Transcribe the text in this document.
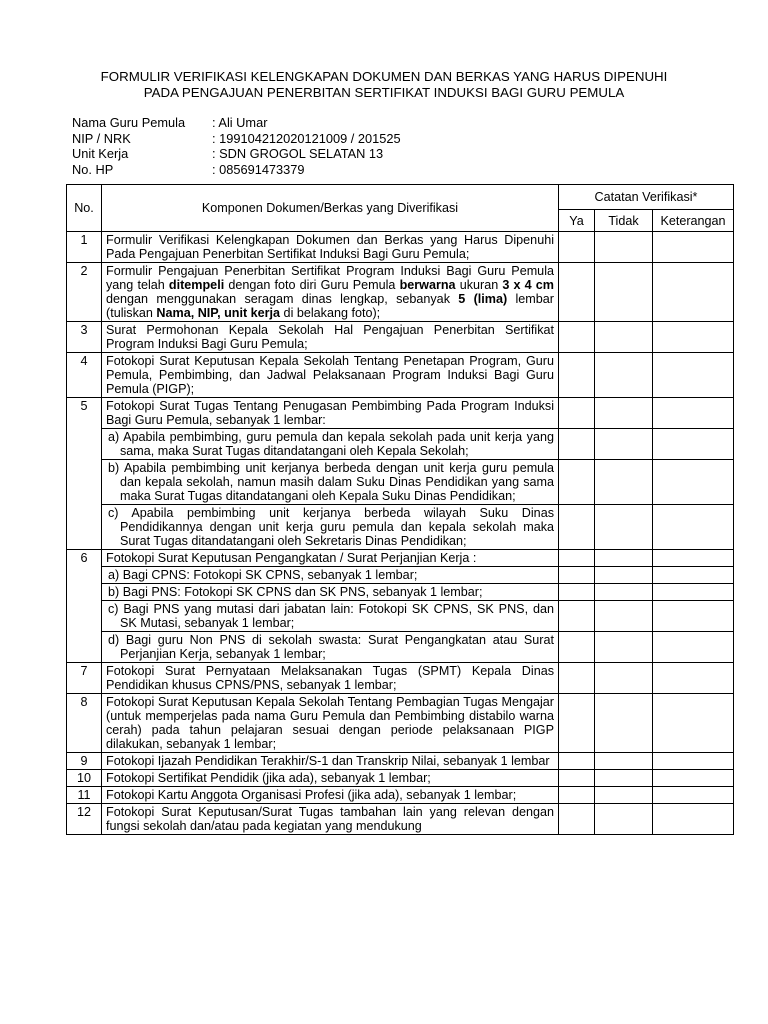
FORMULIR VERIFIKASI KELENGKAPAN DOKUMEN DAN BERKAS YANG HARUS DIPENUHI
PADA PENGAJUAN PENERBITAN SERTIFIKAT INDUKSI BAGI GURU PEMULA
Nama Guru Pemula	: Ali Umar
NIP / NRK	: 199104212020121009 / 201525
Unit Kerja	: SDN GROGOL SELATAN 13
No. HP	: 085691473379
No.	Komponen Dokumen/Berkas yang Diverifikasi	Catatan Verifikasi*		
		Ya	Tidak	Keterangan
1	Formulir Verifikasi Kelengkapan Dokumen dan Berkas yang Harus Dipenuhi Pada Pengajuan Penerbitan Sertifikat Induksi Bagi Guru Pemula;			
2	Formulir Pengajuan Penerbitan Sertifikat Program Induksi Bagi Guru Pemula yang telah ditempeli dengan foto diri Guru Pemula berwarna ukuran 3 x 4 cm dengan menggunakan seragam dinas lengkap, sebanyak 5 (lima) lembar (tuliskan Nama, NIP, unit kerja di belakang foto);			
3	Surat Permohonan Kepala Sekolah Hal Pengajuan Penerbitan Sertifikat Program Induksi Bagi Guru Pemula;			
4	Fotokopi Surat Keputusan Kepala Sekolah Tentang Penetapan Program, Guru Pemula, Pembimbing, dan Jadwal Pelaksanaan Program Induksi Bagi Guru Pemula (PIGP);			
5	Fotokopi Surat Tugas Tentang Penugasan Pembimbing Pada Program Induksi Bagi Guru Pemula, sebanyak 1 lembar:			
	a) Apabila pembimbing, guru pemula dan kepala sekolah pada unit kerja yang sama, maka Surat Tugas ditandatangani oleh Kepala Sekolah;			
	b) Apabila pembimbing unit kerjanya berbeda dengan unit kerja guru pemula dan kepala sekolah, namun masih dalam Suku Dinas Pendidikan yang sama maka Surat Tugas ditandatangani oleh Kepala Suku Dinas Pendidikan;			
	c) Apabila pembimbing unit kerjanya berbeda wilayah Suku Dinas Pendidikannya dengan unit kerja guru pemula dan kepala sekolah maka Surat Tugas ditandatangani oleh Sekretaris Dinas Pendidikan;			
6	Fotokopi Surat Keputusan Pengangkatan / Surat Perjanjian Kerja :			
	a) Bagi CPNS: Fotokopi SK CPNS, sebanyak 1 lembar;			
	b) Bagi PNS: Fotokopi SK CPNS dan SK PNS, sebanyak 1 lembar;			
	c) Bagi PNS yang mutasi dari jabatan lain: Fotokopi SK CPNS, SK PNS, dan SK Mutasi, sebanyak 1 lembar;			
	d) Bagi guru Non PNS di sekolah swasta: Surat Pengangkatan atau Surat Perjanjian Kerja, sebanyak 1 lembar;			
7	Fotokopi Surat Pernyataan Melaksanakan Tugas (SPMT) Kepala Dinas Pendidikan khusus CPNS/PNS, sebanyak 1 lembar;			
8	Fotokopi Surat Keputusan Kepala Sekolah Tentang Pembagian Tugas Mengajar (untuk memperjelas pada nama Guru Pemula dan Pembimbing distabilo warna cerah) pada tahun pelajaran sesuai dengan periode pelaksanaan PIGP dilakukan, sebanyak 1 lembar;			
9	Fotokopi Ijazah Pendidikan Terakhir/S-1 dan Transkrip Nilai, sebanyak 1 lembar			
10	Fotokopi Sertifikat Pendidik (jika ada), sebanyak 1 lembar;			
11	Fotokopi Kartu Anggota Organisasi Profesi (jika ada), sebanyak 1 lembar;			
12	Fotokopi Surat Keputusan/Surat Tugas tambahan lain yang relevan dengan fungsi sekolah dan/atau pada kegiatan yang mendukung			
